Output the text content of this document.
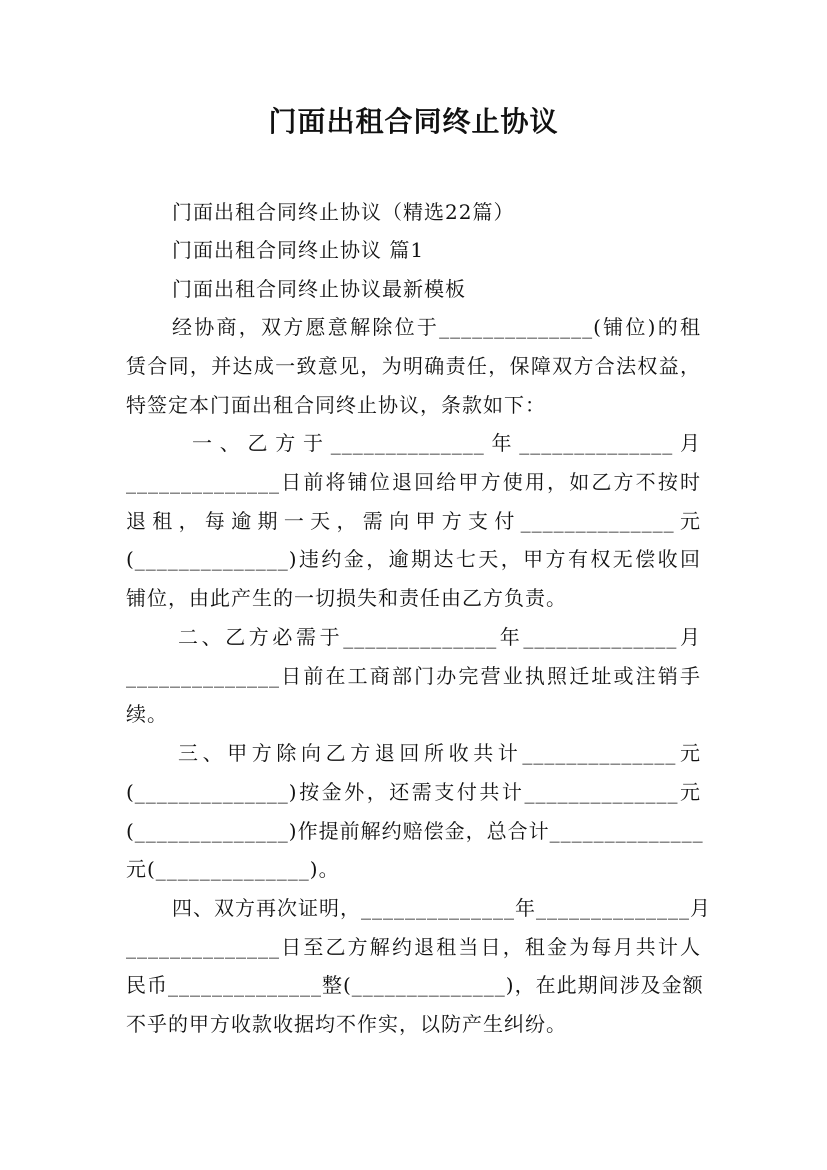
门面出租合同终止协议
门面出租合同终止协议（精选22篇）
门面出租合同终止协议 篇1
门面出租合同终止协议最新模板
经协商，双方愿意解除位于______________(铺位)的租
赁合同，并达成一致意见，为明确责任，保障双方合法权益，
特签定本门面出租合同终止协议，条款如下：
一、乙方于______________年______________月
______________日前将铺位退回给甲方使用，如乙方不按时
退租，每逾期一天，需向甲方支付______________元
(______________)违约金，逾期达七天，甲方有权无偿收回
铺位，由此产生的一切损失和责任由乙方负责。
二、乙方必需于______________年______________月
______________日前在工商部门办完营业执照迁址或注销手
续。
三、甲方除向乙方退回所收共计______________元
(______________)按金外，还需支付共计______________元
(______________)作提前解约赔偿金，总合计______________
元(______________)。
四、双方再次证明，______________年______________月
______________日至乙方解约退租当日，租金为每月共计人
民币______________整(______________)，在此期间涉及金额
不乎的甲方收款收据均不作实，以防产生纠纷。
